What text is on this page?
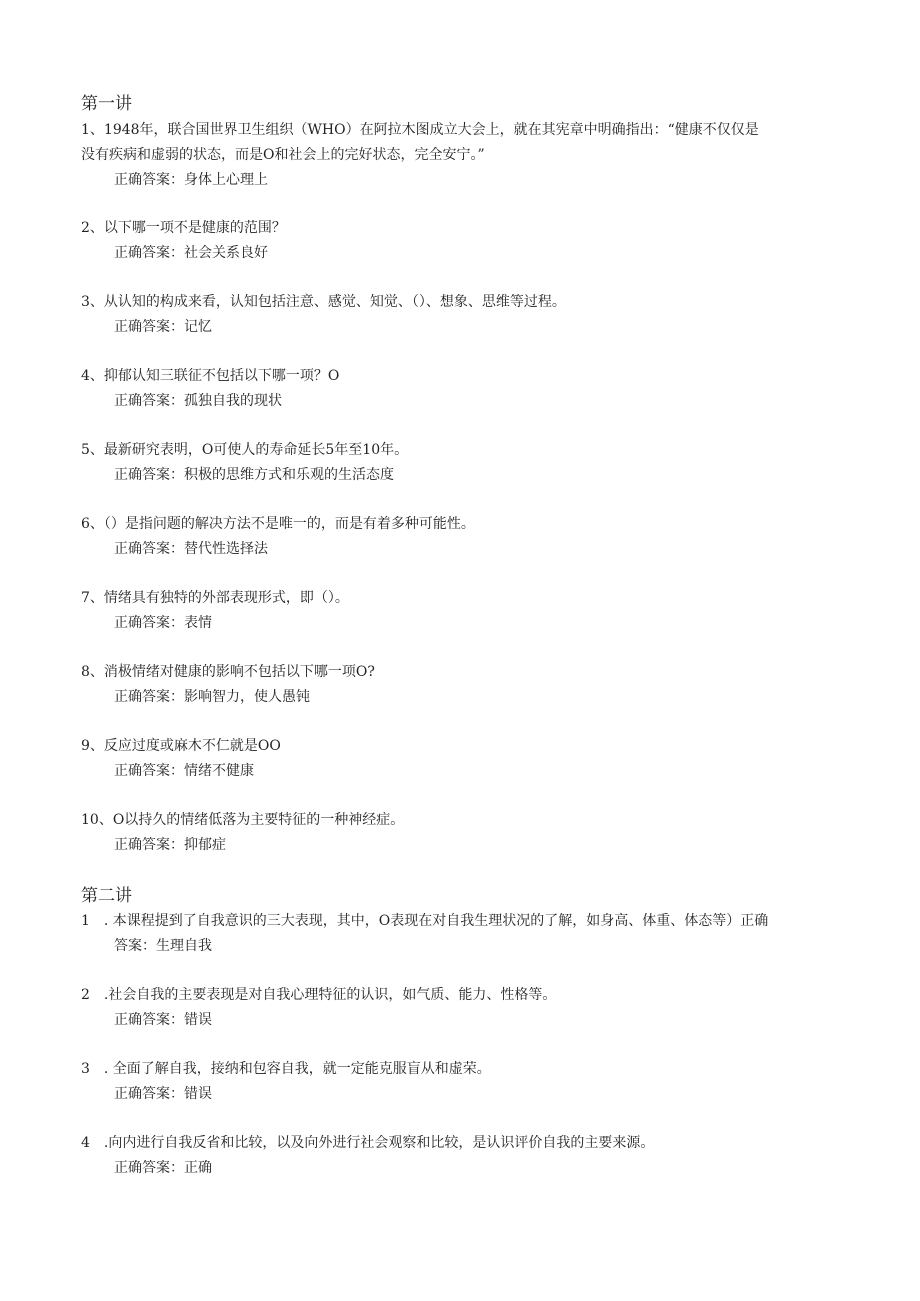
第一讲
1、1948年，联合国世界卫生组织（WHO）在阿拉木图成立大会上，就在其宪章中明确指出：“健康不仅仅是
没有疾病和虚弱的状态，而是O和社会上的完好状态，完全安宁。”
正确答案：身体上心理上
2、以下哪一项不是健康的范围？
正确答案：社会关系良好
3、从认知的构成来看，认知包括注意、感觉、知觉、（）、想象、思维等过程。
正确答案：记忆
4、抑郁认知三联征不包括以下哪一项？O
正确答案：孤独自我的现状
5、最新研究表明，O可使人的寿命延长5年至10年。
正确答案：积极的思维方式和乐观的生活态度
6、（）是指问题的解决方法不是唯一的，而是有着多种可能性。
正确答案：替代性选择法
7、情绪具有独特的外部表现形式，即（）。
正确答案：表情
8、消极情绪对健康的影响不包括以下哪一项O?
正确答案：影响智力，使人愚钝
9、反应过度或麻木不仁就是OO
正确答案：情绪不健康
10、O以持久的情绪低落为主要特征的一种神经症。
正确答案：抑郁症
第二讲
1　. 本课程提到了自我意识的三大表现，其中，O表现在对自我生理状况的了解，如身高、体重、体态等）正确
答案：生理自我
2　.社会自我的主要表现是对自我心理特征的认识，如气质、能力、性格等。
正确答案：错误
3　. 全面了解自我，接纳和包容自我，就一定能克服盲从和虚荣。
正确答案：错误
4　.向内进行自我反省和比较，以及向外进行社会观察和比较，是认识评价自我的主要来源。
正确答案：正确
